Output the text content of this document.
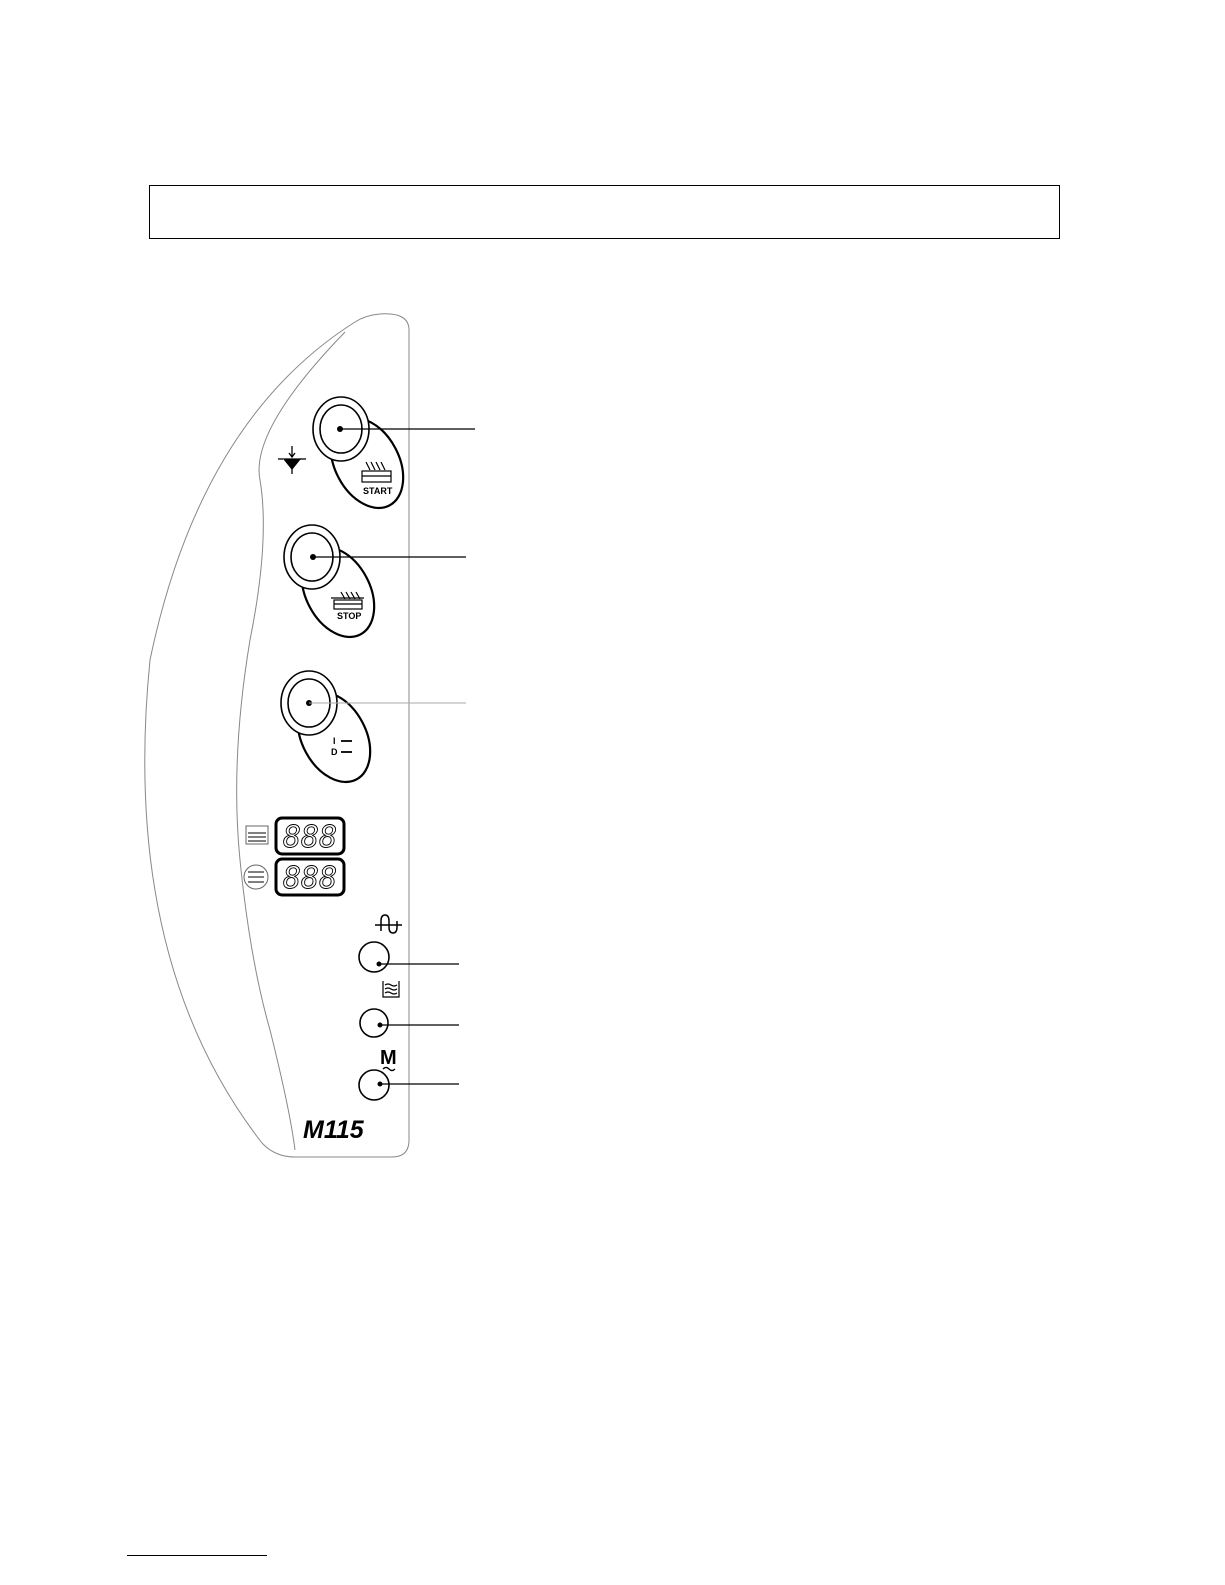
START
STOP
I
D
888
888
M
M115
